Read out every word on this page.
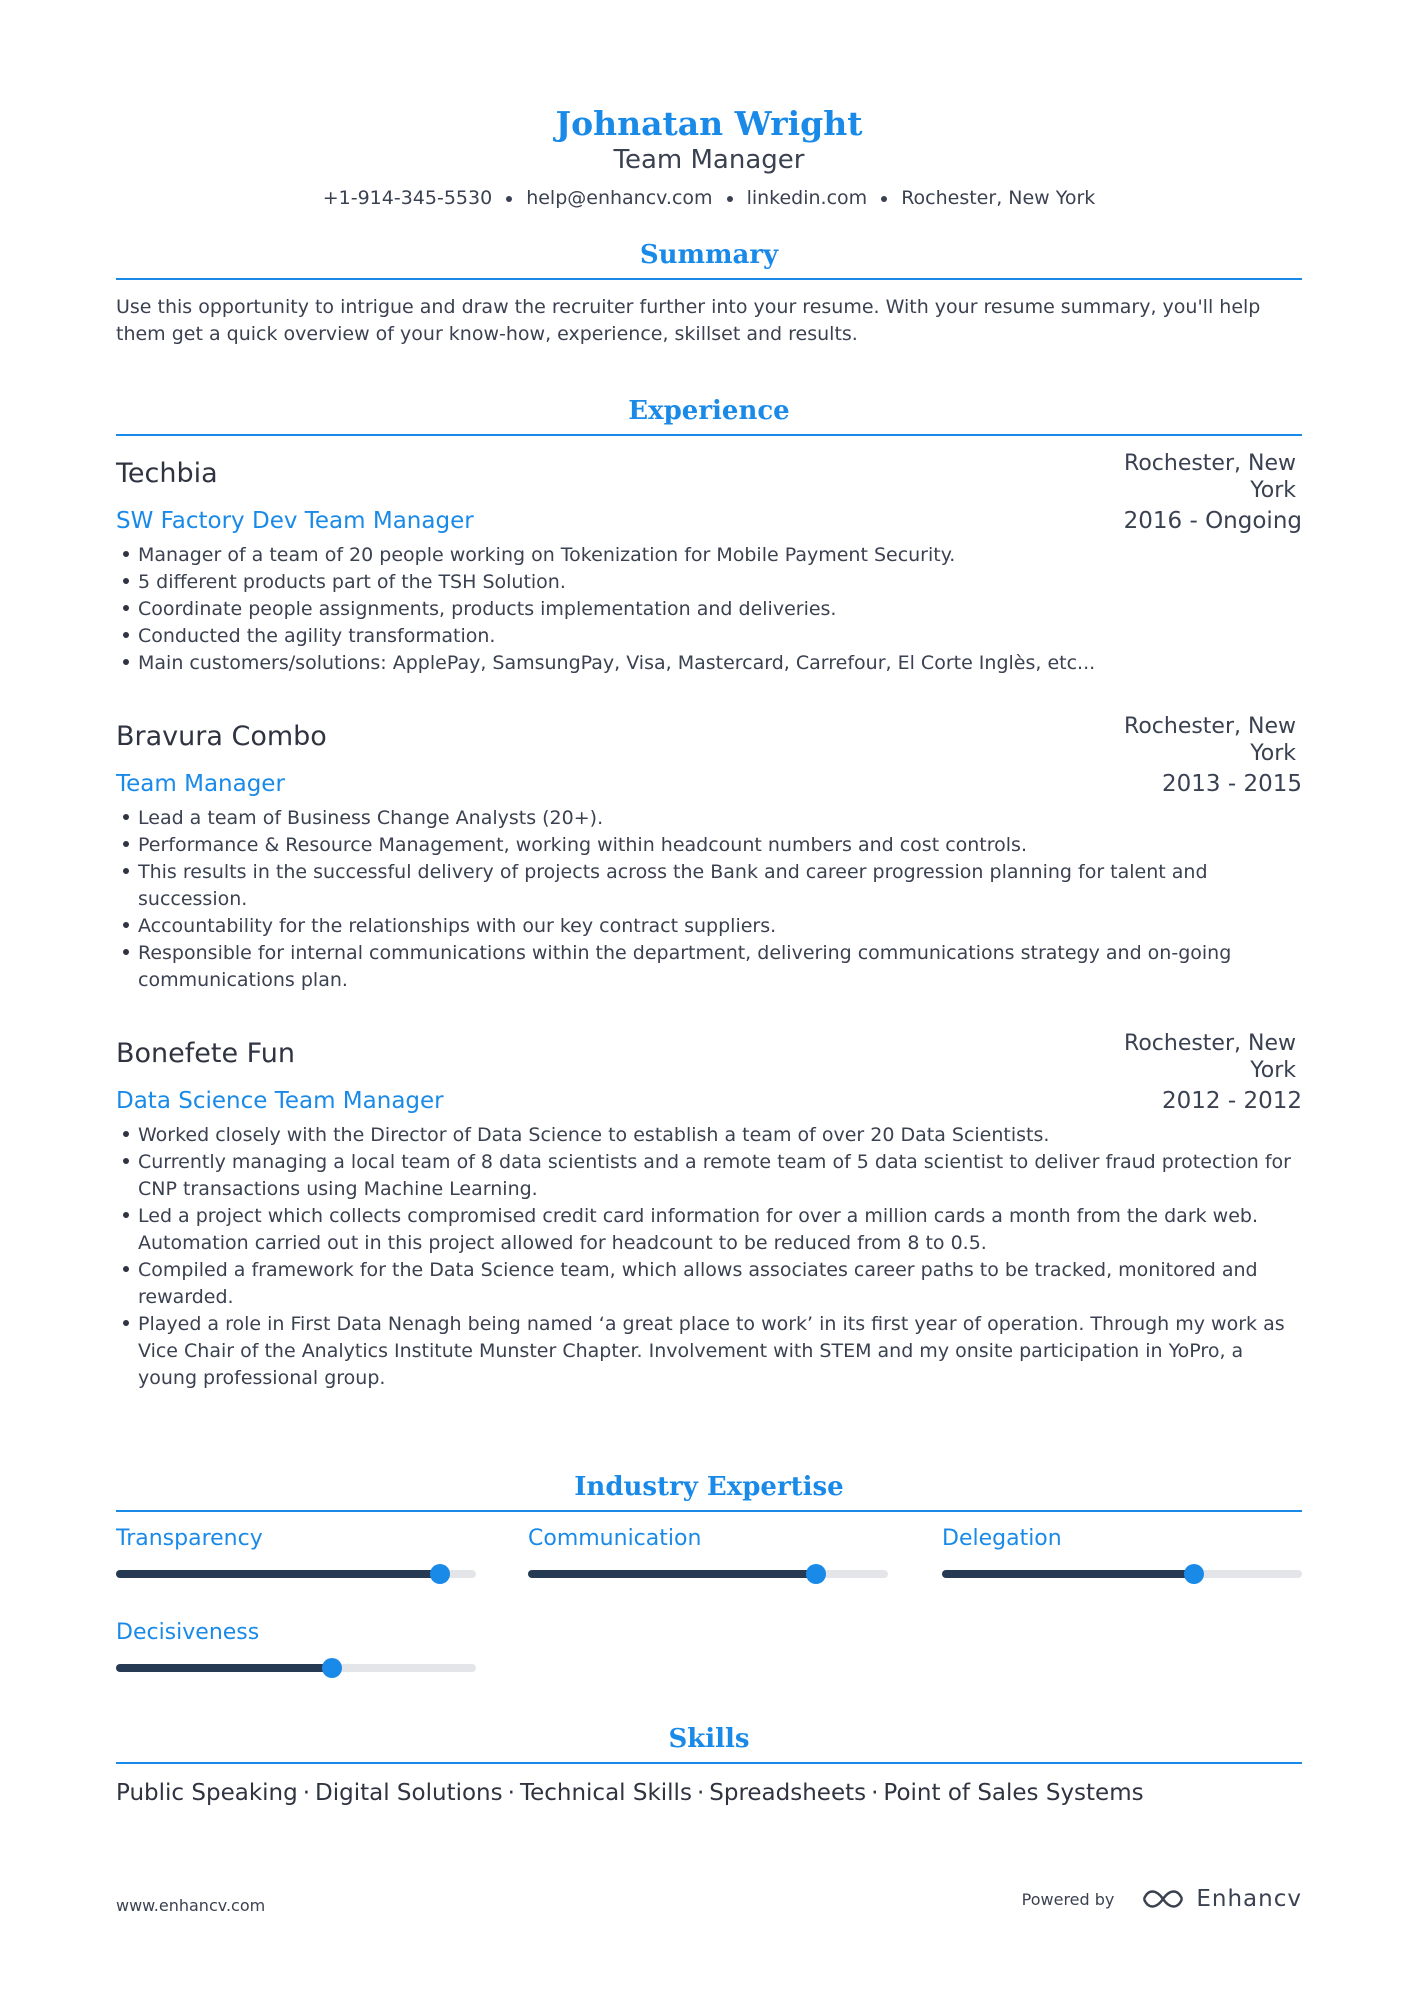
Johnatan Wright
Team Manager
+1-914-345-5530 help@enhancv.com linkedin.com Rochester, New York
Summary
Use this opportunity to intrigue and draw the recruiter further into your resume. With your resume summary, you'll help them get a quick overview of your know-how, experience, skillset and results.
Experience
Techbia	Rochester, New
York
SW Factory Dev Team Manager	2016 - Ongoing
Manager of a team of 20 people working on Tokenization for Mobile Payment Security.
5 different products part of the TSH Solution.
Coordinate people assignments, products implementation and deliveries.
Conducted the agility transformation.
Main customers/solutions: ApplePay, SamsungPay, Visa, Mastercard, Carrefour, El Corte Inglès, etc...
Bravura Combo	Rochester, New
York
Team Manager	2013 - 2015
Lead a team of Business Change Analysts (20+).
Performance & Resource Management, working within headcount numbers and cost controls.
This results in the successful delivery of projects across the Bank and career progression planning for talent and succession.
Accountability for the relationships with our key contract suppliers.
Responsible for internal communications within the department, delivering communications strategy and on-going communications plan.
Bonefete Fun	Rochester, New
York
Data Science Team Manager	2012 - 2012
Worked closely with the Director of Data Science to establish a team of over 20 Data Scientists.
Currently managing a local team of 8 data scientists and a remote team of 5 data scientist to deliver fraud protection for CNP transactions using Machine Learning.
Led a project which collects compromised credit card information for over a million cards a month from the dark web. Automation carried out in this project allowed for headcount to be reduced from 8 to 0.5.
Compiled a framework for the Data Science team, which allows associates career paths to be tracked, monitored and rewarded.
Played a role in First Data Nenagh being named ‘a great place to work’ in its first year of operation. Through my work as Vice Chair of the Analytics Institute Munster Chapter. Involvement with STEM and my onsite participation in YoPro, a young professional group.
Industry Expertise
Transparency	Communication	Delegation
Decisiveness
Skills
Public Speaking · Digital Solutions · Technical Skills · Spreadsheets · Point of Sales Systems
www.enhancv.com	Powered by	Enhancv
